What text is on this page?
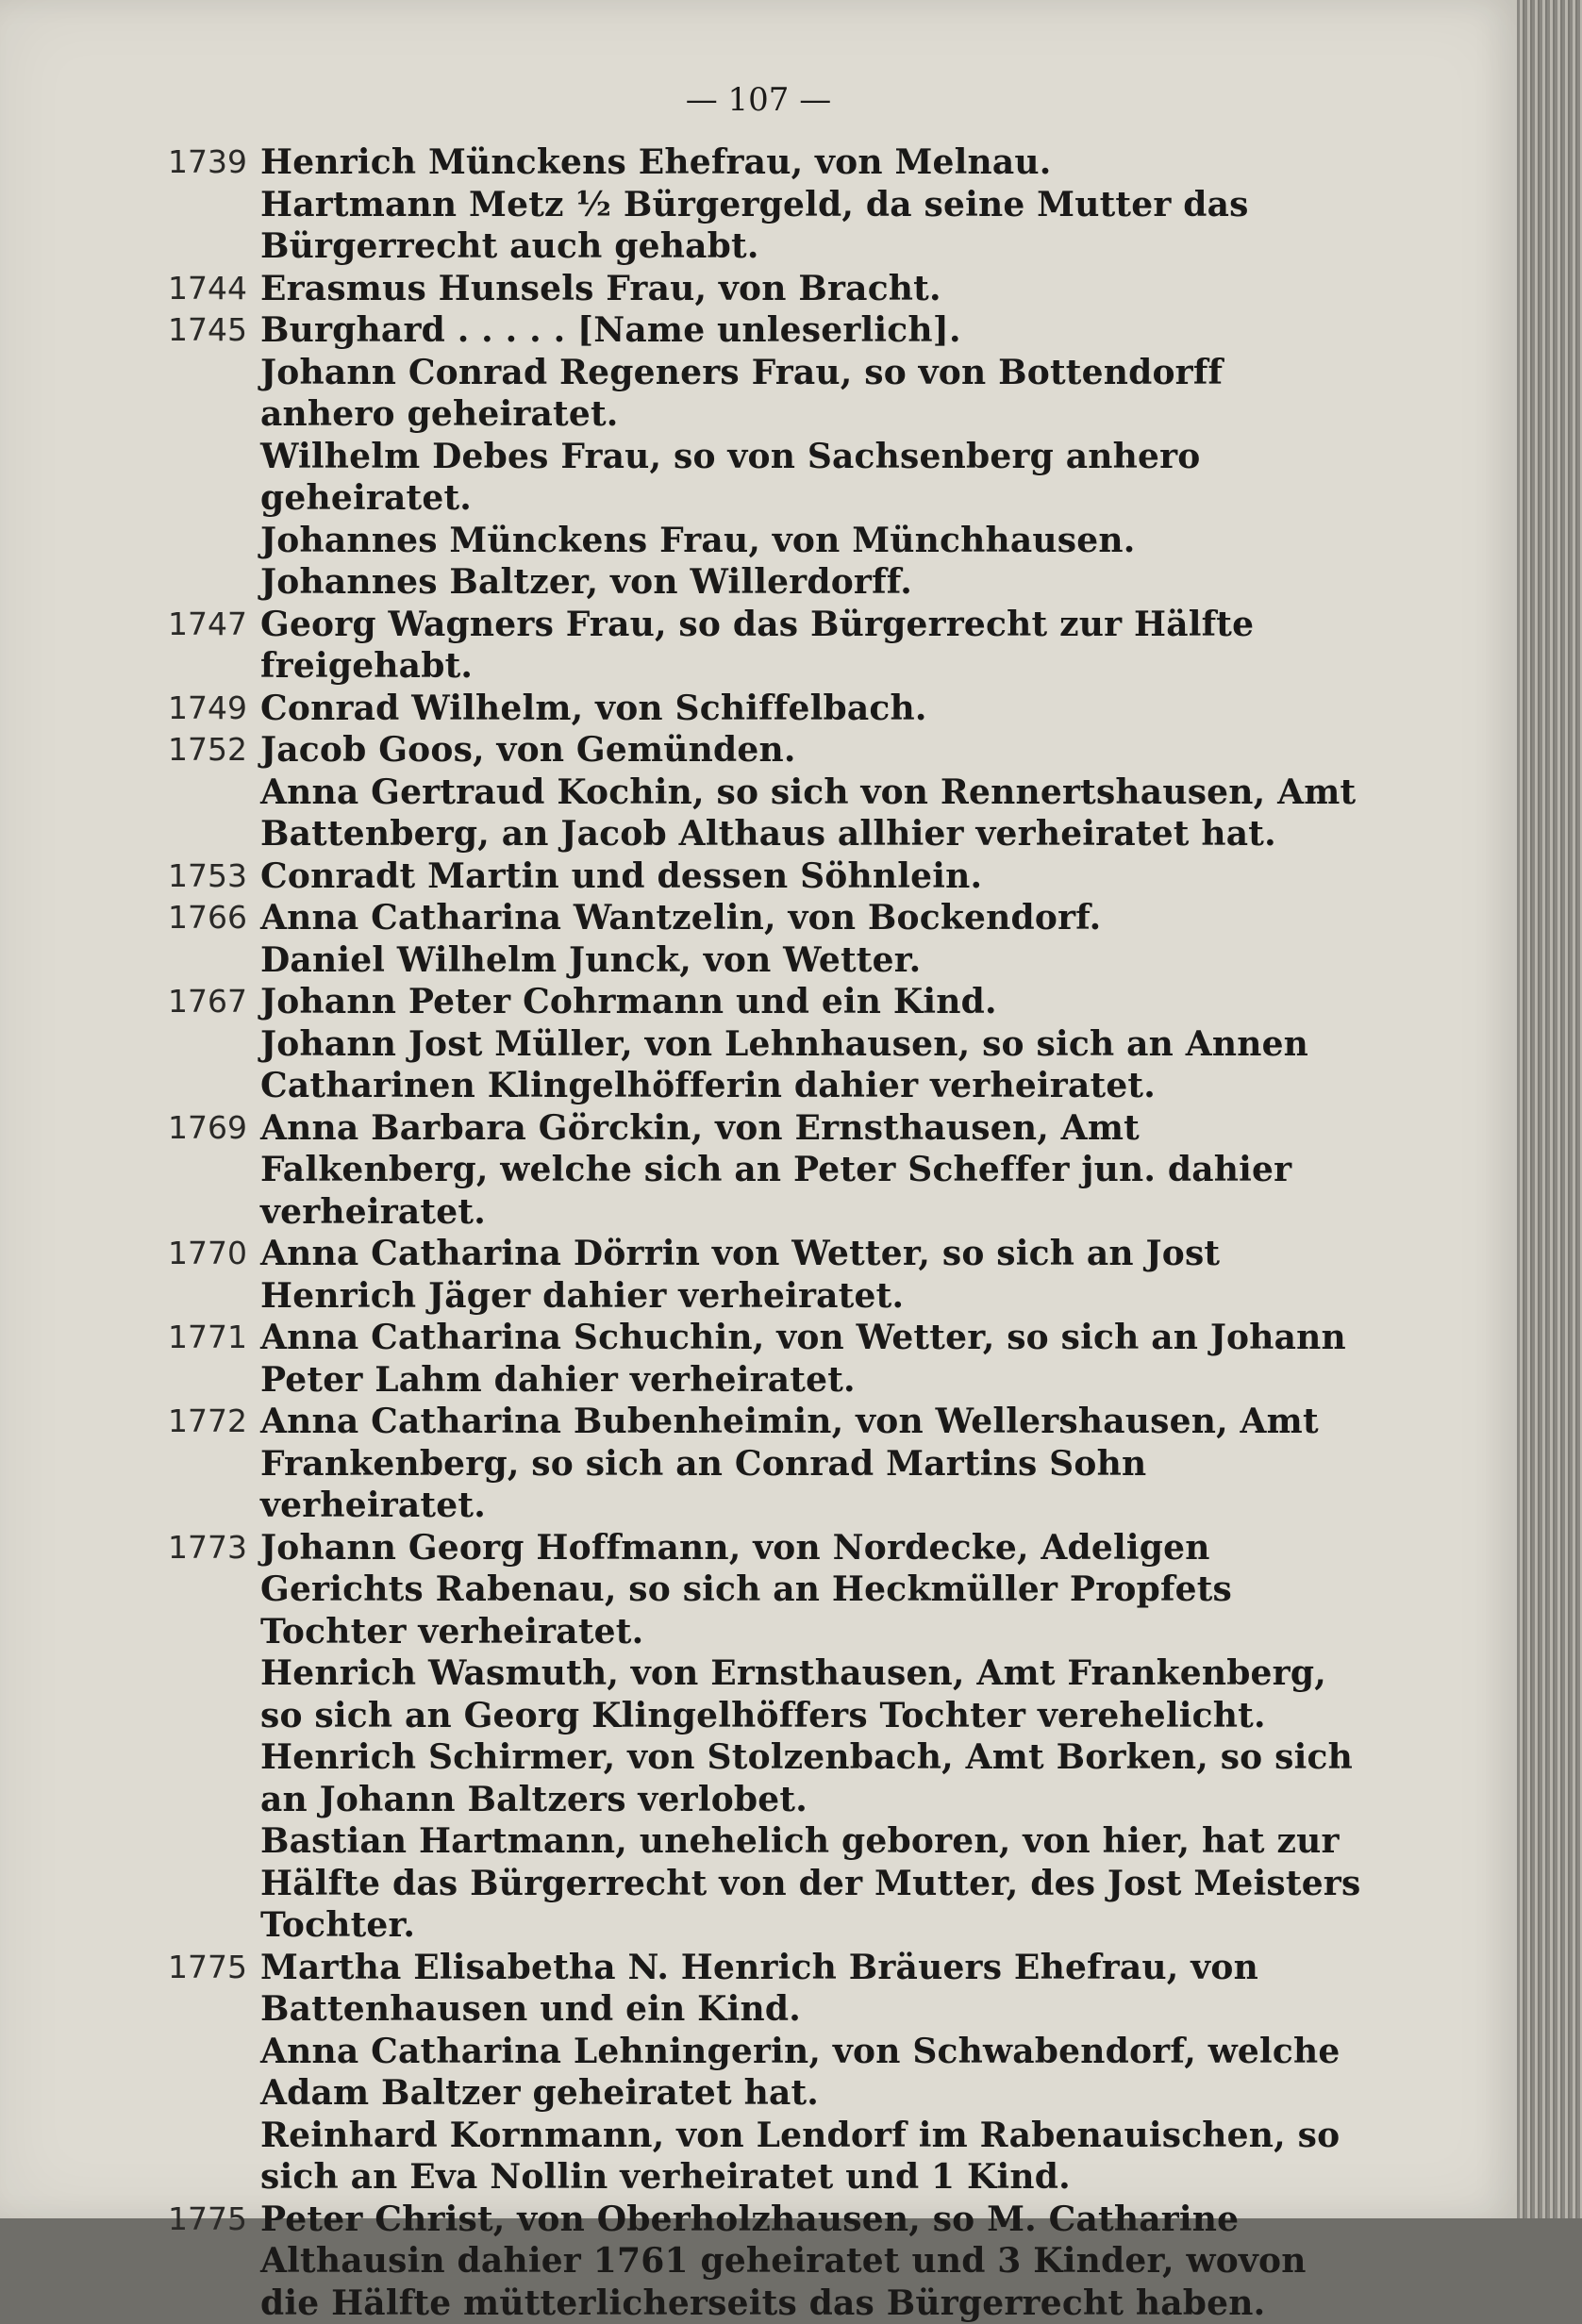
— 107 —
1739 Henrich Münckens Ehefrau, von Melnau.
Hartmann Metz ½ Bürgergeld, da seine Mutter das Bürgerrecht auch gehabt.
1744 Erasmus Hunsels Frau, von Bracht.
1745 Burghard . . . . . [Name unleserlich].
Johann Conrad Regeners Frau, so von Bottendorff anhero geheiratet.
Wilhelm Debes Frau, so von Sachsenberg anhero geheiratet.
Johannes Münckens Frau, von Münchhausen.
Johannes Baltzer, von Willerdorff.
1747 Georg Wagners Frau, so das Bürgerrecht zur Hälfte freigehabt.
1749 Conrad Wilhelm, von Schiffelbach.
1752 Jacob Goos, von Gemünden.
Anna Gertraud Kochin, so sich von Rennertshausen, Amt Battenberg, an Jacob Althaus allhier verheiratet hat.
1753 Conradt Martin und dessen Söhnlein.
1766 Anna Catharina Wantzelin, von Bockendorf.
Daniel Wilhelm Junck, von Wetter.
1767 Johann Peter Cohrmann und ein Kind.
Johann Jost Müller, von Lehnhausen, so sich an Annen Catharinen Klingelhöfferin dahier verheiratet.
1769 Anna Barbara Görckin, von Ernsthausen, Amt Falkenberg, welche sich an Peter Scheffer jun. dahier verheiratet.
1770 Anna Catharina Dörrin von Wetter, so sich an Jost Henrich Jäger dahier verheiratet.
1771 Anna Catharina Schuchin, von Wetter, so sich an Johann Peter Lahm dahier verheiratet.
1772 Anna Catharina Bubenheimin, von Wellershausen, Amt Frankenberg, so sich an Conrad Martins Sohn verheiratet.
1773 Johann Georg Hoffmann, von Nordecke, Adeligen Gerichts Rabenau, so sich an Heckmüller Propfets Tochter verheiratet.
Henrich Wasmuth, von Ernsthausen, Amt Frankenberg, so sich an Georg Klingelhöffers Tochter verehelicht.
Henrich Schirmer, von Stolzenbach, Amt Borken, so sich an Johann Baltzers verlobet.
Bastian Hartmann, unehelich geboren, von hier, hat zur Hälfte das Bürgerrecht von der Mutter, des Jost Meisters Tochter.
1775 Martha Elisabetha N. Henrich Bräuers Ehefrau, von Battenhausen und ein Kind.
Anna Catharina Lehningerin, von Schwabendorf, welche Adam Baltzer geheiratet hat.
Reinhard Kornmann, von Lendorf im Rabenauischen, so sich an Eva Nollin verheiratet und 1 Kind.
1775 Peter Christ, von Oberholzhausen, so M. Catharine Althausin dahier 1761 geheiratet und 3 Kinder, wovon die Hälfte mütterlicherseits das Bürgerrecht haben.
